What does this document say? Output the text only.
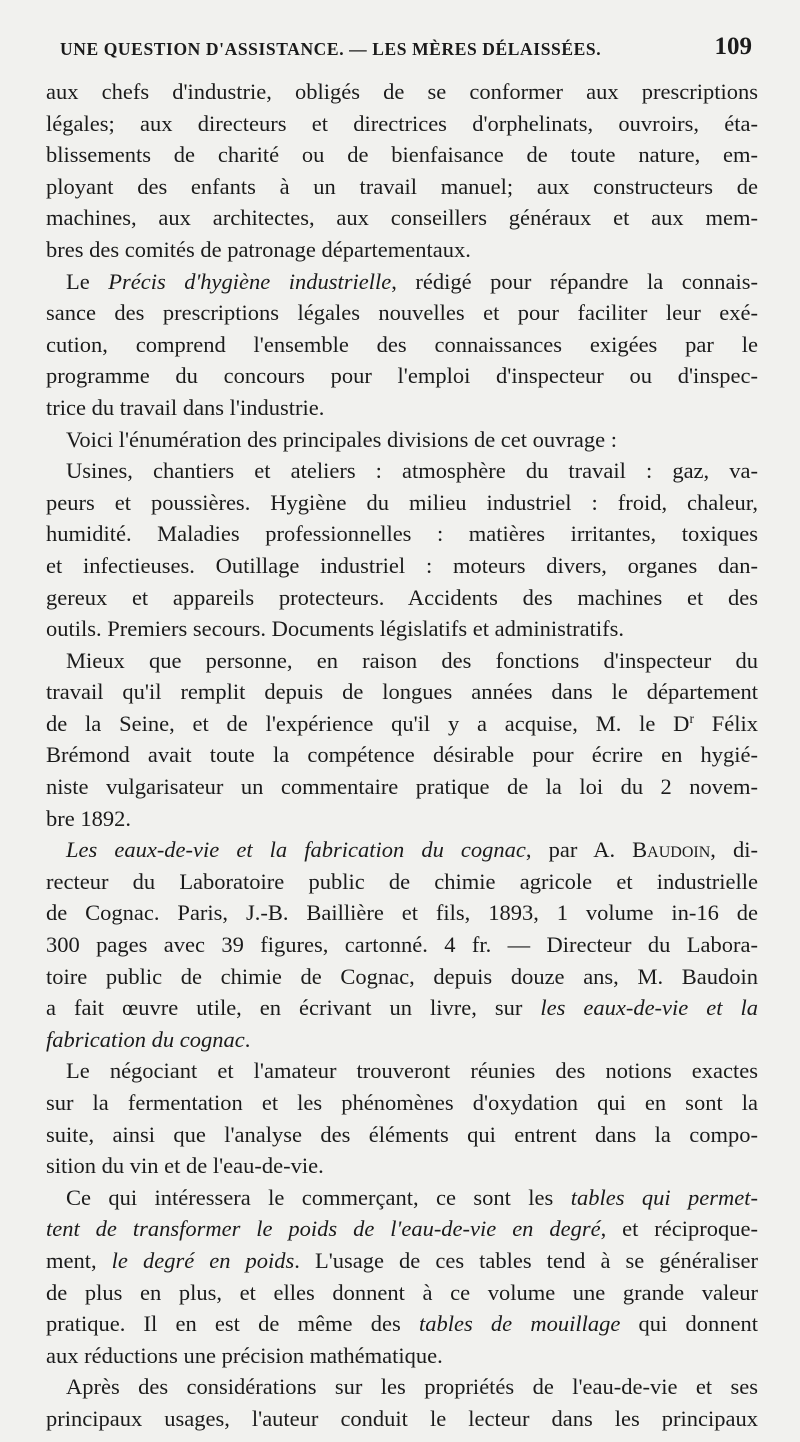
UNE QUESTION D'ASSISTANCE. — LES MÈRES DÉLAISSÉES.	109
aux chefs d'industrie, obligés de se conformer aux prescriptions
légales; aux directeurs et directrices d'orphelinats, ouvroirs, éta-
blissements de charité ou de bienfaisance de toute nature, em-
ployant des enfants à un travail manuel; aux constructeurs de
machines, aux architectes, aux conseillers généraux et aux mem-
bres des comités de patronage départementaux.
Le Précis d'hygiène industrielle, rédigé pour répandre la connais-
sance des prescriptions légales nouvelles et pour faciliter leur exé-
cution, comprend l'ensemble des connaissances exigées par le
programme du concours pour l'emploi d'inspecteur ou d'inspec-
trice du travail dans l'industrie.
Voici l'énumération des principales divisions de cet ouvrage :
Usines, chantiers et ateliers : atmosphère du travail : gaz, va-
peurs et poussières. Hygiène du milieu industriel : froid, chaleur,
humidité. Maladies professionnelles : matières irritantes, toxiques
et infectieuses. Outillage industriel : moteurs divers, organes dan-
gereux et appareils protecteurs. Accidents des machines et des
outils. Premiers secours. Documents législatifs et administratifs.
Mieux que personne, en raison des fonctions d'inspecteur du
travail qu'il remplit depuis de longues années dans le département
de la Seine, et de l'expérience qu'il y a acquise, M. le $D^r$ Félix
Brémond avait toute la compétence désirable pour écrire en hygié-
niste vulgarisateur un commentaire pratique de la loi du 2 novem-
bre 1892.
Les eaux-de-vie et la fabrication du cognac, par A. Baudoin, di-
recteur du Laboratoire public de chimie agricole et industrielle
de Cognac. Paris, J.-B. Baillière et fils, 1893, 1 volume in-16 de
300 pages avec 39 figures, cartonné. 4 fr. — Directeur du Labora-
toire public de chimie de Cognac, depuis douze ans, M. Baudoin
a fait œuvre utile, en écrivant un livre, sur les eaux-de-vie et la
fabrication du cognac.
Le négociant et l'amateur trouveront réunies des notions exactes
sur la fermentation et les phénomènes d'oxydation qui en sont la
suite, ainsi que l'analyse des éléments qui entrent dans la compo-
sition du vin et de l'eau-de-vie.
Ce qui intéressera le commerçant, ce sont les tables qui permet-
tent de transformer le poids de l'eau-de-vie en degré, et réciproque-
ment, le degré en poids. L'usage de ces tables tend à se généraliser
de plus en plus, et elles donnent à ce volume une grande valeur
pratique. Il en est de même des tables de mouillage qui donnent
aux réductions une précision mathématique.
Après des considérations sur les propriétés de l'eau-de-vie et ses
principaux usages, l'auteur conduit le lecteur dans les principaux
